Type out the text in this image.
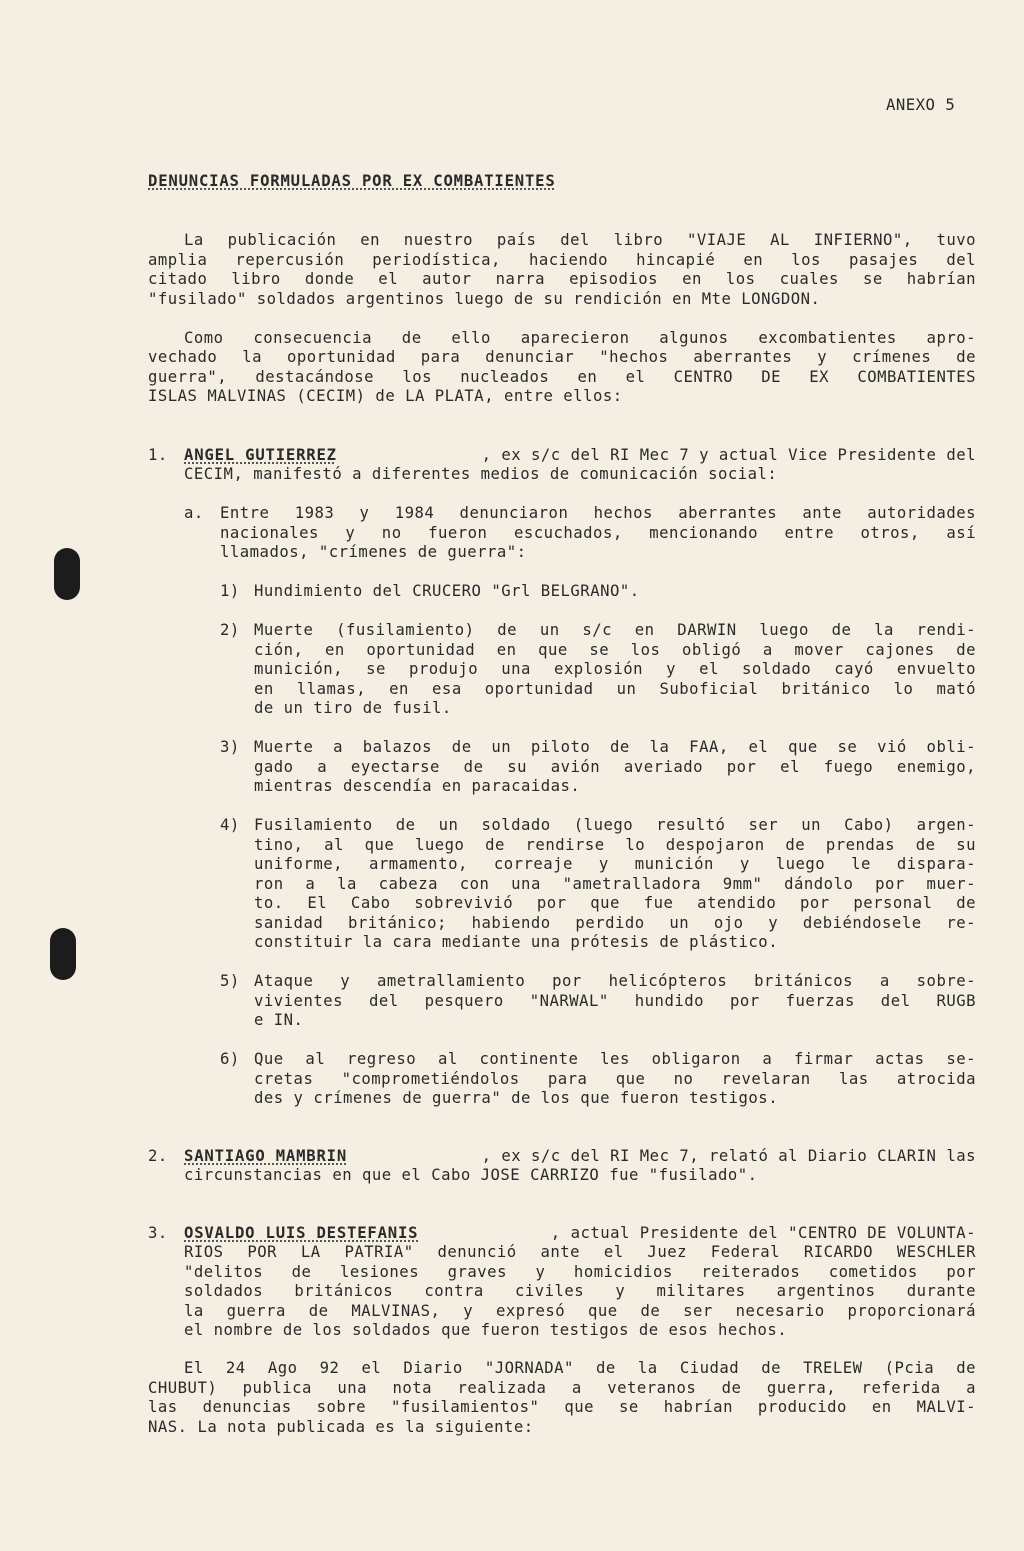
ANEXO 5
DENUNCIAS FORMULADAS POR EX COMBATIENTES
La publicación en nuestro país del libro "VIAJE AL INFIERNO", tuvo
amplia repercusión periodística, haciendo hincapié en los pasajes del
citado libro donde el autor narra episodios en los cuales se habrían
"fusilado" soldados argentinos luego de su rendición en Mte LONGDON.
Como consecuencia de ello aparecieron algunos excombatientes apro-
vechado la oportunidad para denunciar "hechos aberrantes y crímenes de
guerra", destacándose los nucleados en el CENTRO DE EX COMBATIENTES
ISLAS MALVINAS (CECIM) de LA PLATA, entre ellos:
1. ANGEL GUTIERREZ	, ex s/c del RI Mec 7 y actual Vice Presidente del
CECIM, manifestó a diferentes medios de comunicación social:
a. Entre 1983 y 1984 denunciaron hechos aberrantes ante autoridades
nacionales y no fueron escuchados, mencionando entre otros, así
llamados, "crímenes de guerra":
1) Hundimiento del CRUCERO "Grl BELGRANO".
2) Muerte (fusilamiento) de un s/c en DARWIN luego de la rendi-
ción, en oportunidad en que se los obligó a mover cajones de
munición, se produjo una explosión y el soldado cayó envuelto
en llamas, en esa oportunidad un Suboficial británico lo mató
de un tiro de fusil.
3) Muerte a balazos de un piloto de la FAA, el que se vió obli-
gado a eyectarse de su avión averiado por el fuego enemigo,
mientras descendía en paracaidas.
4) Fusilamiento de un soldado (luego resultó ser un Cabo) argen-
tino, al que luego de rendirse lo despojaron de prendas de su
uniforme, armamento, correaje y munición y luego le dispara-
ron a la cabeza con una "ametralladora 9mm" dándolo por muer-
to. El Cabo sobrevivió por que fue atendido por personal de
sanidad británico; habiendo perdido un ojo y debiéndosele re-
constituir la cara mediante una prótesis de plástico.
5) Ataque y ametrallamiento por helicópteros británicos a sobre-
vivientes del pesquero "NARWAL" hundido por fuerzas del RUGB
e IN.
6) Que al regreso al continente les obligaron a firmar actas se-
cretas "comprometiéndolos para que no revelaran las atrocida
des y crímenes de guerra" de los que fueron testigos.
2. SANTIAGO MAMBRIN	, ex s/c del RI Mec 7, relató al Diario CLARIN las
circunstancias en que el Cabo JOSE CARRIZO fue "fusilado".
3. OSVALDO LUIS DESTEFANIS	, actual Presidente del "CENTRO DE VOLUNTA-
RIOS POR LA PATRIA" denunció ante el Juez Federal RICARDO WESCHLER
"delitos de lesiones graves y homicidios reiterados cometidos por
soldados británicos contra civiles y militares argentinos durante
la guerra de MALVINAS, y expresó que de ser necesario proporcionará
el nombre de los soldados que fueron testigos de esos hechos.
El 24 Ago 92 el Diario "JORNADA" de la Ciudad de TRELEW (Pcia de
CHUBUT) publica una nota realizada a veteranos de guerra, referida a
las denuncias sobre "fusilamientos" que se habrían producido en MALVI-
NAS. La nota publicada es la siguiente:
